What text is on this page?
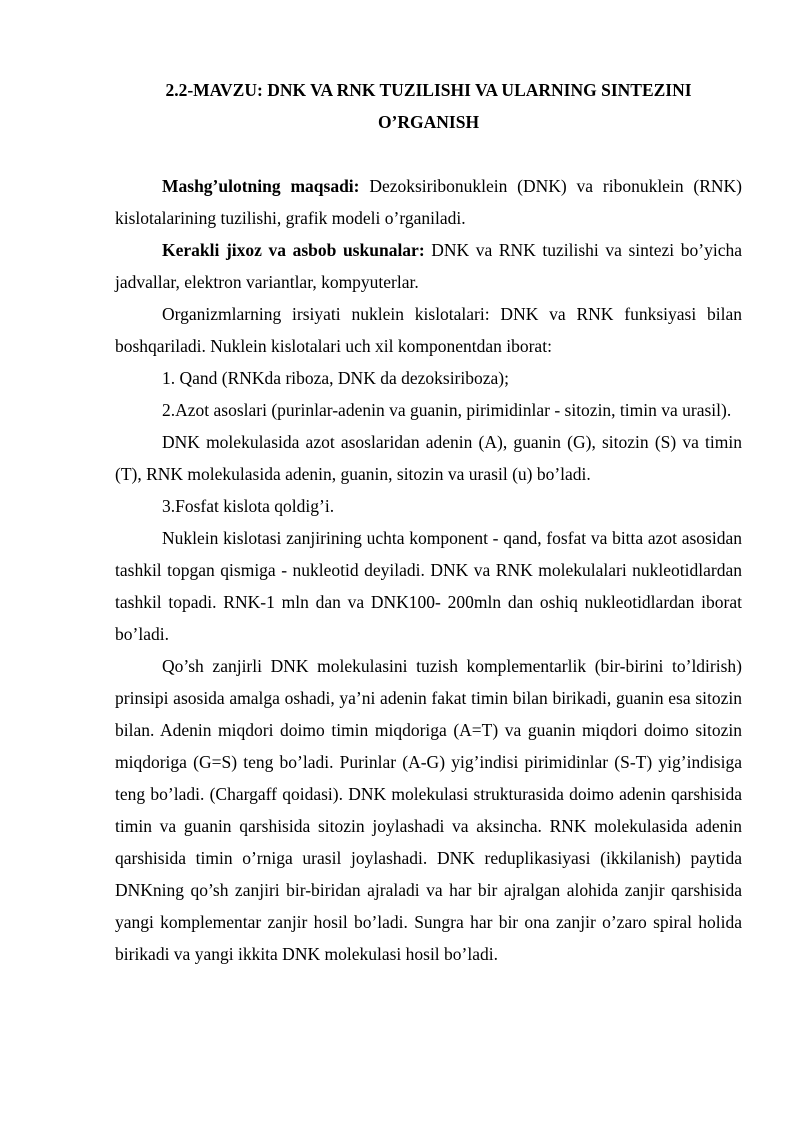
2.2-MAVZU: DNK VA RNK TUZILISHI VA ULARNING SINTEZINI
O’RGANISH

Mashg’ulotning maqsadi: Dezoksiribonuklein (DNK) va ribonuklein (RNK) kislotalarining tuzilishi, grafik modeli o’rganiladi.

Kerakli jixoz va asbob uskunalar: DNK va RNK tuzilishi va sintezi bo’yicha jadvallar, elektron variantlar, kompyuterlar.

Organizmlarning irsiyati nuklein kislotalari: DNK va RNK funksiyasi bilan boshqariladi. Nuklein kislotalari uch xil komponentdan iborat:

1. Qand (RNKda riboza, DNK da dezoksiriboza);

2.Azot asoslari (purinlar-adenin va guanin, pirimidinlar - sitozin, timin va urasil).

DNK molekulasida azot asoslaridan adenin (A), guanin (G), sitozin (S) va timin (T), RNK molekulasida adenin, guanin, sitozin va urasil (u) bo’ladi.

3.Fosfat kislota qoldig’i.

Nuklein kislotasi zanjirining uchta komponent - qand, fosfat va bitta azot asosidan tashkil topgan qismiga - nukleotid deyiladi. DNK va RNK molekulalari nukleotidlardan tashkil topadi. RNK-1 mln dan va DNK100- 200mln dan oshiq nukleotidlardan iborat bo’ladi.

Qo’sh zanjirli DNK molekulasini tuzish komplementarlik (bir-birini to’ldirish) prinsipi asosida amalga oshadi, ya’ni adenin fakat timin bilan birikadi, guanin esa sitozin bilan. Adenin miqdori doimo timin miqdoriga (A=T) va guanin miqdori doimo sitozin miqdoriga (G=S) teng bo’ladi. Purinlar (A-G) yig’indisi pirimidinlar (S-T) yig’indisiga teng bo’ladi. (Chargaff qoidasi). DNK molekulasi strukturasida doimo adenin qarshisida timin va guanin qarshisida sitozin joylashadi va aksincha. RNK molekulasida adenin qarshisida timin o’rniga urasil joylashadi. DNK reduplikasiyasi (ikkilanish) paytida DNKning qo’sh zanjiri bir-biridan ajraladi va har bir ajralgan alohida zanjir qarshisida yangi komplementar zanjir hosil bo’ladi. Sungra har bir ona zanjir o’zaro spiral holida birikadi va yangi ikkita DNK molekulasi hosil bo’ladi.
